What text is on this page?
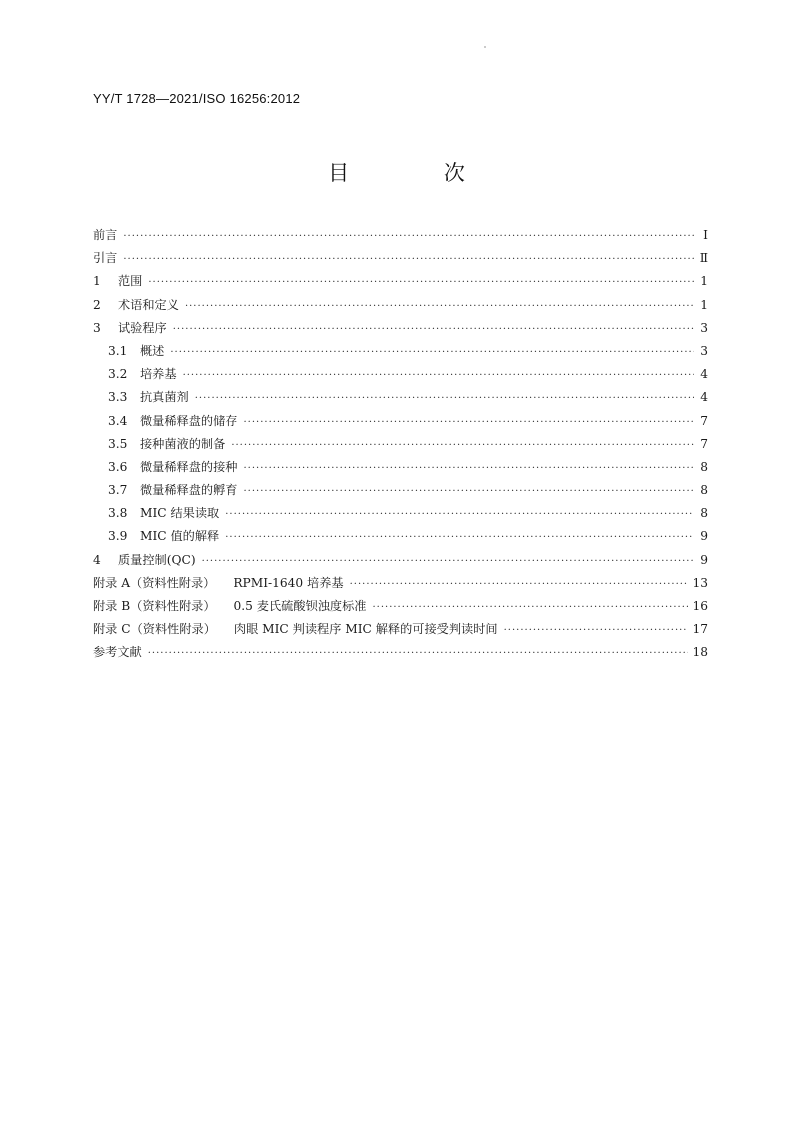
YY/T 1728—2021/ISO 16256:2012
目 次
前言 ·····	Ⅰ
引言 ·····	Ⅱ
1 范围 ·····	1
2 术语和定义 ·····	1
3 试验程序 ·····	3
3.1 概述 ·····	3
3.2 培养基 ·····	4
3.3 抗真菌剂 ·····	4
3.4 微量稀释盘的储存 ·····	7
3.5 接种菌液的制备 ·····	7
3.6 微量稀释盘的接种 ·····	8
3.7 微量稀释盘的孵育 ·····	8
3.8 MIC 结果读取 ·····	8
3.9 MIC 值的解释 ·····	9
4 质量控制(QC) ·····	9
附录 A（资料性附录） RPMI-1640 培养基 ·····	13
附录 B（资料性附录） 0.5 麦氏硫酸钡浊度标准 ·····	16
附录 C（资料性附录） 肉眼 MIC 判读程序 MIC 解释的可接受判读时间 ·····	17
参考文献 ·····	18
